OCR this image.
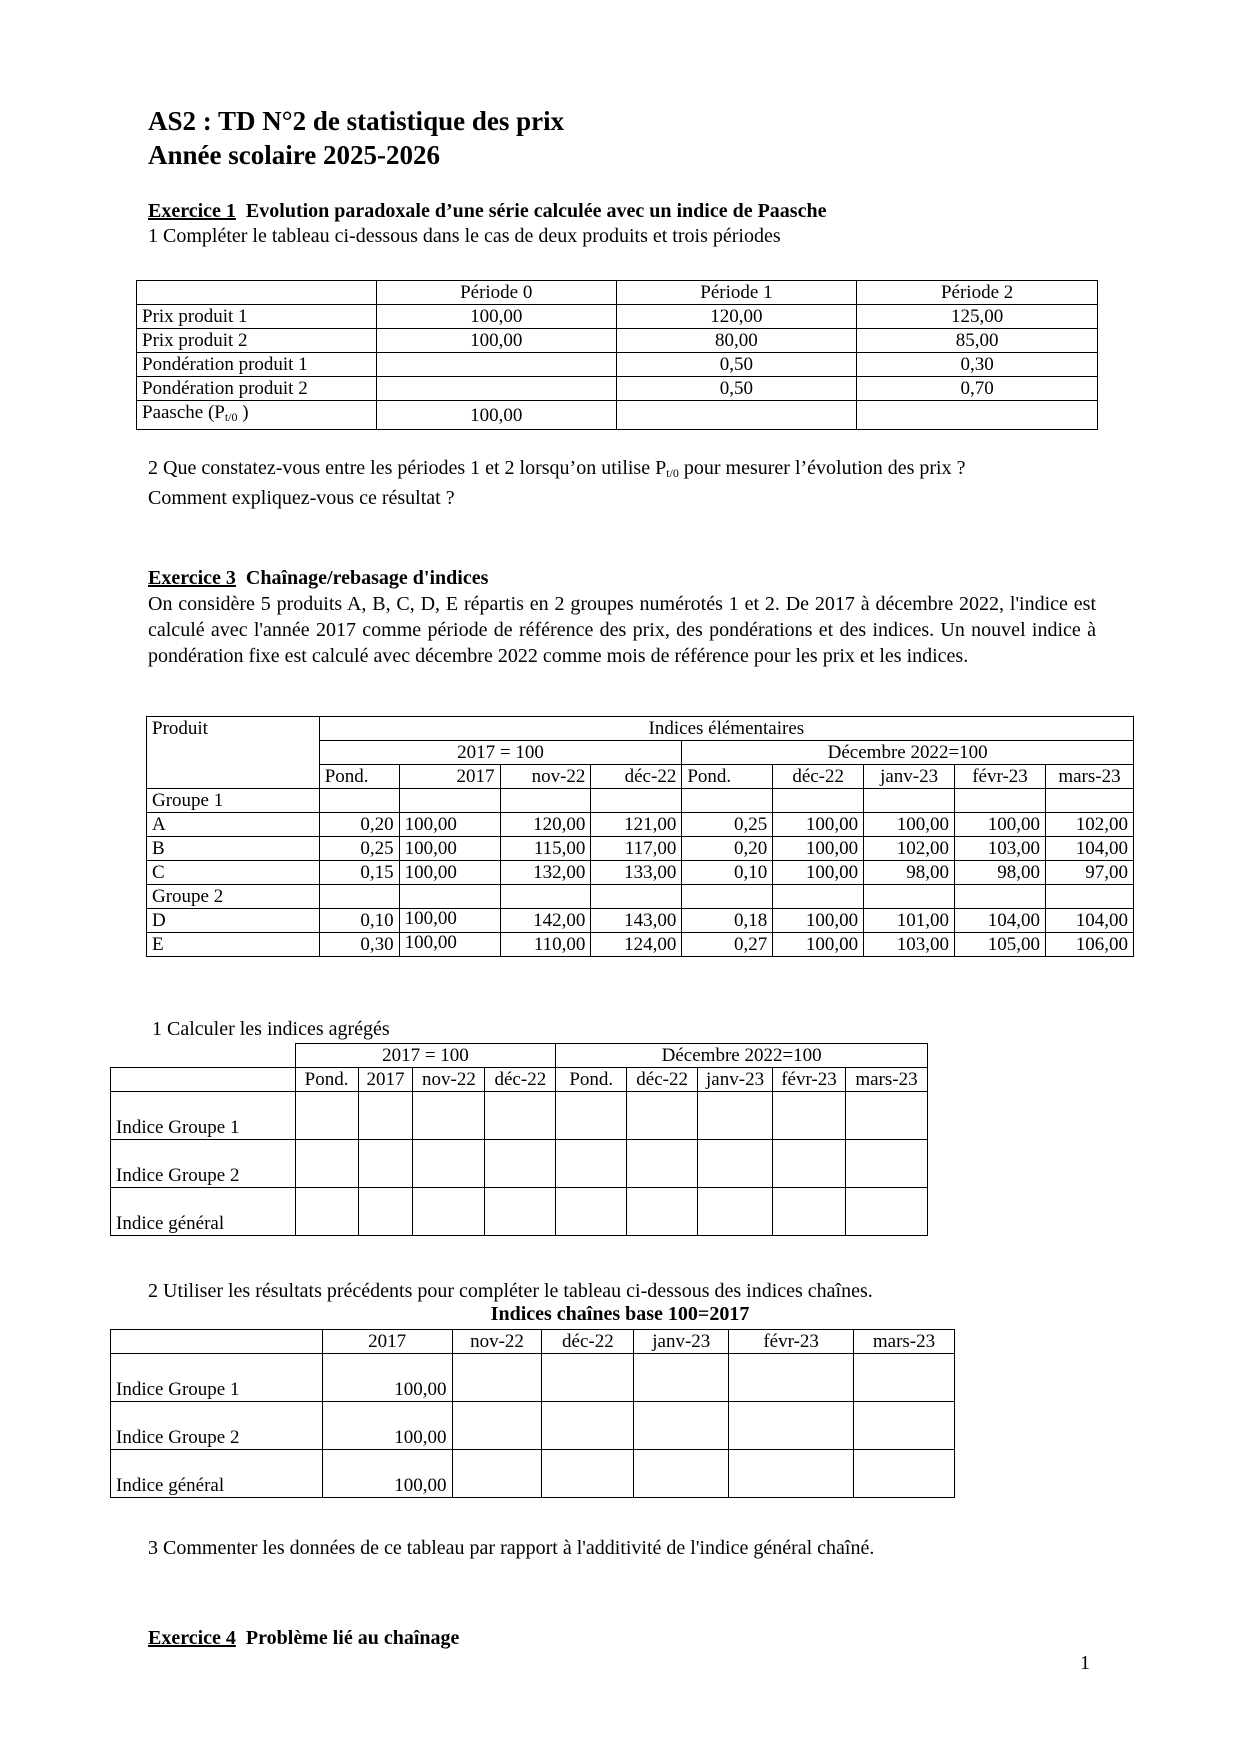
AS2 : TD N°2 de statistique des prix
Année scolaire 2025-2026
Exercice 1 Evolution paradoxale d’une série calculée avec un indice de Paasche
1 Compléter le tableau ci-dessous dans le cas de deux produits et trois périodes
	Période 0	Période 1	Période 2
Prix produit 1	100,00	120,00	125,00
Prix produit 2	100,00	80,00	85,00
Pondération produit 1		0,50	0,30
Pondération produit 2		0,50	0,70
Paasche ($P_{t/0}$ )	100,00		
2 Que constatez-vous entre les périodes 1 et 2 lorsqu’on utilise $P_{t/0}$ pour mesurer l’évolution des prix ?
Comment expliquez-vous ce résultat ?
Exercice 3 Chaînage/rebasage d'indices
On considère 5 produits A, B, C, D, E répartis en 2 groupes numérotés 1 et 2. De 2017 à décembre 2022, l'indice est calculé avec l'année 2017 comme période de référence des prix, des pondérations et des indices. Un nouvel indice à pondération fixe est calculé avec décembre 2022 comme mois de référence pour les prix et les indices.
Produit	Indices élémentaires								
	2017 = 100				Décembre 2022=100				
	Pond.	2017	nov-22	déc-22	Pond.	déc-22	janv-23	févr-23	mars-23
Groupe 1									
A	0,20	100,00	120,00	121,00	0,25	100,00	100,00	100,00	102,00
B	0,25	100,00	115,00	117,00	0,20	100,00	102,00	103,00	104,00
C	0,15	100,00	132,00	133,00	0,10	100,00	98,00	98,00	97,00
Groupe 2									
D	0,10	100,00	142,00	143,00	0,18	100,00	101,00	104,00	104,00
E	0,30	100,00	110,00	124,00	0,27	100,00	103,00	105,00	106,00
1 Calculer les indices agrégés
	2017 = 100				Décembre 2022=100				
	Pond.	2017	nov-22	déc-22	Pond.	déc-22	janv-23	févr-23	mars-23
Indice Groupe 1									
Indice Groupe 2									
Indice général									
2 Utiliser les résultats précédents pour compléter le tableau ci-dessous des indices chaînes.
Indices chaînes base 100=2017
	2017	nov-22	déc-22	janv-23	févr-23	mars-23
Indice Groupe 1	100,00					
Indice Groupe 2	100,00					
Indice général	100,00					
3 Commenter les données de ce tableau par rapport à l'additivité de l'indice général chaîné.
Exercice 4 Problème lié au chaînage
1
